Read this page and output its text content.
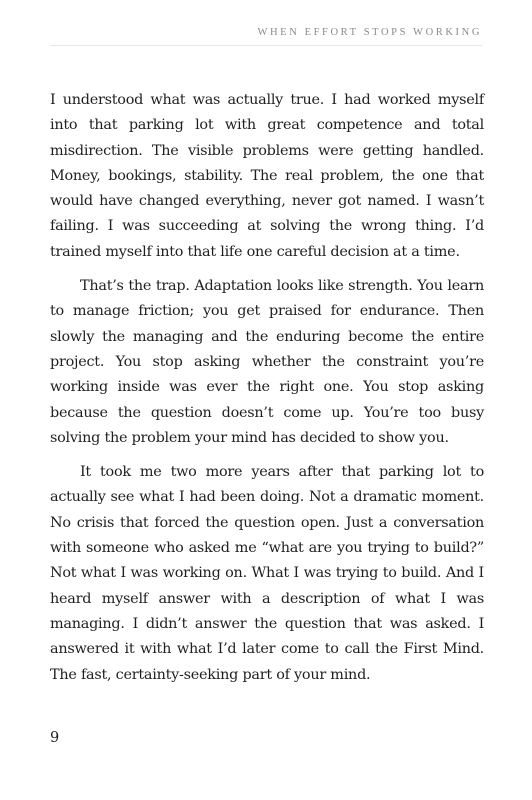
WHEN EFFORT STOPS WORKING

I understood what was actually true. I had worked myself into that parking lot with great competence and total misdirection. The visible problems were getting handled. Money, bookings, stability. The real problem, the one that would have changed everything, never got named. I wasn’t failing. I was succeeding at solving the wrong thing. I’d trained myself into that life one careful decision at a time.

That’s the trap. Adaptation looks like strength. You learn to manage friction; you get praised for endurance. Then slowly the managing and the enduring become the entire project. You stop asking whether the constraint you’re working inside was ever the right one. You stop asking because the question doesn’t come up. You’re too busy solving the problem your mind has decided to show you.

It took me two more years after that parking lot to actually see what I had been doing. Not a dramatic moment. No crisis that forced the question open. Just a conversation with someone who asked me “what are you trying to build?” Not what I was working on. What I was trying to build. And I heard myself answer with a description of what I was managing. I didn’t answer the question that was asked. I answered it with what I’d later come to call the First Mind. The fast, certainty-seeking part of your mind.

9
